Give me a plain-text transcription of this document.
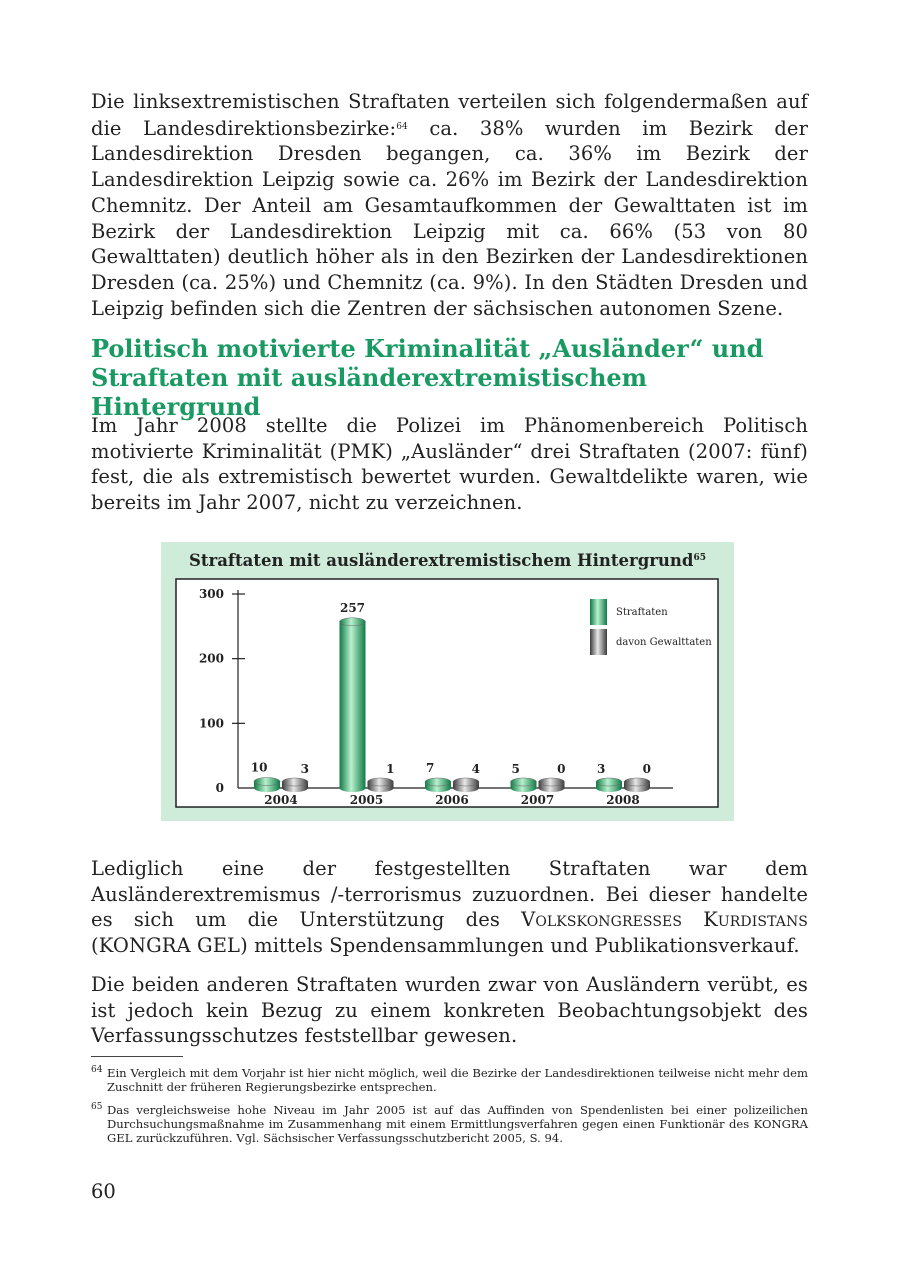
Die linksextremistischen Straftaten verteilen sich folgendermaßen auf die Landesdirektionsbezirke:$^{64}$ ca. 38% wurden im Bezirk der Landesdirektion Dresden begangen, ca. 36% im Bezirk der Landesdirektion Leipzig sowie ca. 26% im Bezirk der Landesdirektion Chemnitz. Der Anteil am Gesamtaufkommen der Gewalttaten ist im Bezirk der Landesdirektion Leipzig mit ca. 66% (53 von 80 Gewalttaten) deutlich höher als in den Bezirken der Landesdirektionen Dresden (ca. 25%) und Chemnitz (ca. 9%). In den Städten Dresden und Leipzig befinden sich die Zentren der sächsischen autonomen Szene.

Politisch motivierte Kriminalität „Ausländer“ und
Straftaten mit ausländerextremistischem Hintergrund

Im Jahr 2008 stellte die Polizei im Phänomenbereich Politisch motivierte Kriminalität (PMK) „Ausländer“ drei Straftaten (2007: fünf) fest, die als extremistisch bewertet wurden. Gewaltdelikte waren, wie bereits im Jahr 2007, nicht zu verzeichnen.

Straftaten mit ausländerextremistischem Hintergrund$^{65}$
0
100
200
300
2004
10	3
2005
257
1
2006
7	4
2007
5	0
2008
3	0
Straftaten
davon Gewalttaten

Lediglich eine der festgestellten Straftaten war dem Ausländerextremismus /-terrorismus zuzuordnen. Bei dieser handelte es sich um die Unterstützung des Volkskongresses Kurdistans (KONGRA GEL) mittels Spendensammlungen und Publikationsverkauf.

Die beiden anderen Straftaten wurden zwar von Ausländern verübt, es ist jedoch kein Bezug zu einem konkreten Beobachtungsobjekt des Verfassungsschutzes feststellbar gewesen.

64 Ein Vergleich mit dem Vorjahr ist hier nicht möglich, weil die Bezirke der Landesdirektionen teilweise nicht mehr dem Zuschnitt der früheren Regierungsbezirke entsprechen.

65 Das vergleichsweise hohe Niveau im Jahr 2005 ist auf das Auffinden von Spendenlisten bei einer polizeilichen Durchsuchungsmaßnahme im Zusammenhang mit einem Ermittlungsverfahren gegen einen Funktionär des KONGRA GEL zurückzuführen. Vgl. Sächsischer Verfassungsschutzbericht 2005, S. 94.

60
